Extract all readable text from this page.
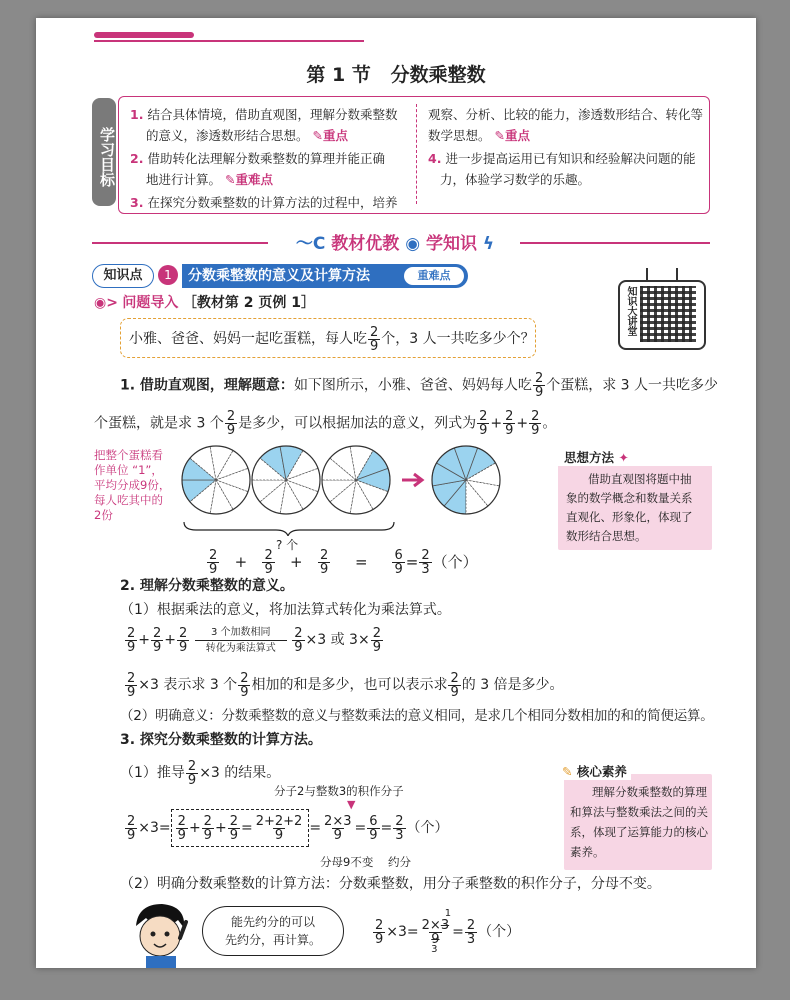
第 1 节 分数乘整数
学习目标
1. 结合具体情境，借助直观图，理解分数乘整数
的意义，渗透数形结合思想。 ✎重点
2. 借助转化法理解分数乘整数的算理并能正确
地进行计算。 ✎重难点
3. 在探究分数乘整数的计算方法的过程中，培养
观察、分析、比较的能力，渗透数形结合、转化等
数学思想。 ✎重点
4. 进一步提高运用已有知识和经验解决问题的能
力，体验学习数学的乐趣。
〜C 教材优教 ◉ 学知识 ϟ
知识点	1	分数乘整数的意义及计算方法	重难点
知识大讲堂
◉> 问题导入 ［教材第 2 页例 1］
小雅、爸爸、妈妈一起吃蛋糕，每人吃 $\frac{2}{9}$ 个，3 人一共吃多少个？
1. 借助直观图，理解题意：如下图所示，小雅、爸爸、妈妈每人吃 $\frac{2}{9}$ 个蛋糕，求 3 人一共吃多少
个蛋糕，就是求 3 个 $\frac{2}{9}$ 是多少，可以根据加法的意义，列式为 $\frac{2}{9} + \frac{2}{9} + \frac{2}{9}$ 。
把整个蛋糕看
作单位 “1”，
平均分成9份，
每人吃其中的
2份
? 个
$\frac{2}{9} + \frac{2}{9} + \frac{2}{9} = \frac{6}{9} = \frac{2}{3}$ （个）
思想方法 ✦
借助直观图将题中抽
象的数学概念和数量关系
直观化、形象化，体现了
数形结合思想。
2. 理解分数乘整数的意义。
（1）根据乘法的意义，将加法算式转化为乘法算式。
$\frac{2}{9} + \frac{2}{9} + \frac{2}{9} 3$ 个加数相同

转化为乘法算式 $\frac{2}{9} \times 3$ 或 $3\times \frac{2}{9}$
$\frac{2}{9} \times 3$ 表示求 3 个 $\frac{2}{9}$ 相加的和是多少，也可以表示求 $\frac{2}{9}$ 的 3 倍是多少。
（2）明确意义：分数乘整数的意义与整数乘法的意义相同，是求几个相同分数相加的和的简便运算。
3. 探究分数乘整数的计算方法。
（1）推导 $\frac{2}{9} \times 3$ 的结果。
分子2与整数3的积作分子
▼
$\frac{2}{9} \times 3= \frac{2}{9} + \frac{2}{9} + \frac{2}{9} = \frac{2+2+2}{9} = \frac{2\times 3}{9} = \frac{6}{9} = \frac{2}{3}$ （个）
分母9不变 约分
✎ 核心素养
理解分数乘整数的算理
和算法与整数乘法之间的关
系，体现了运算能力的核心
素养。
（2）明确分数乘整数的计算方法：分数乘整数，用分子乘整数的积作分子，分母不变。
能先约分的可以
先约分，再计算。	$\frac{2}{9} \times 3= 2\times 3$
1
9
$3 = \frac{2}{3}$ （个）
